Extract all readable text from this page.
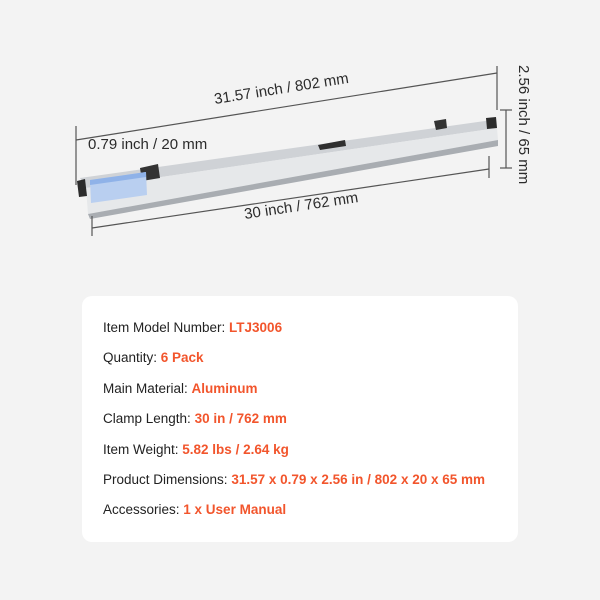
31.57 inch / 802 mm	2.56 inch / 65 mm
0.79 inch / 20 mm
30 inch / 762 mm
Item Model Number: LTJ3006
Quantity: 6 Pack
Main Material: Aluminum
Clamp Length: 30 in / 762 mm
Item Weight: 5.82 lbs / 2.64 kg
Product Dimensions: 31.57 x 0.79 x 2.56 in / 802 x 20 x 65 mm
Accessories: 1 x User Manual
